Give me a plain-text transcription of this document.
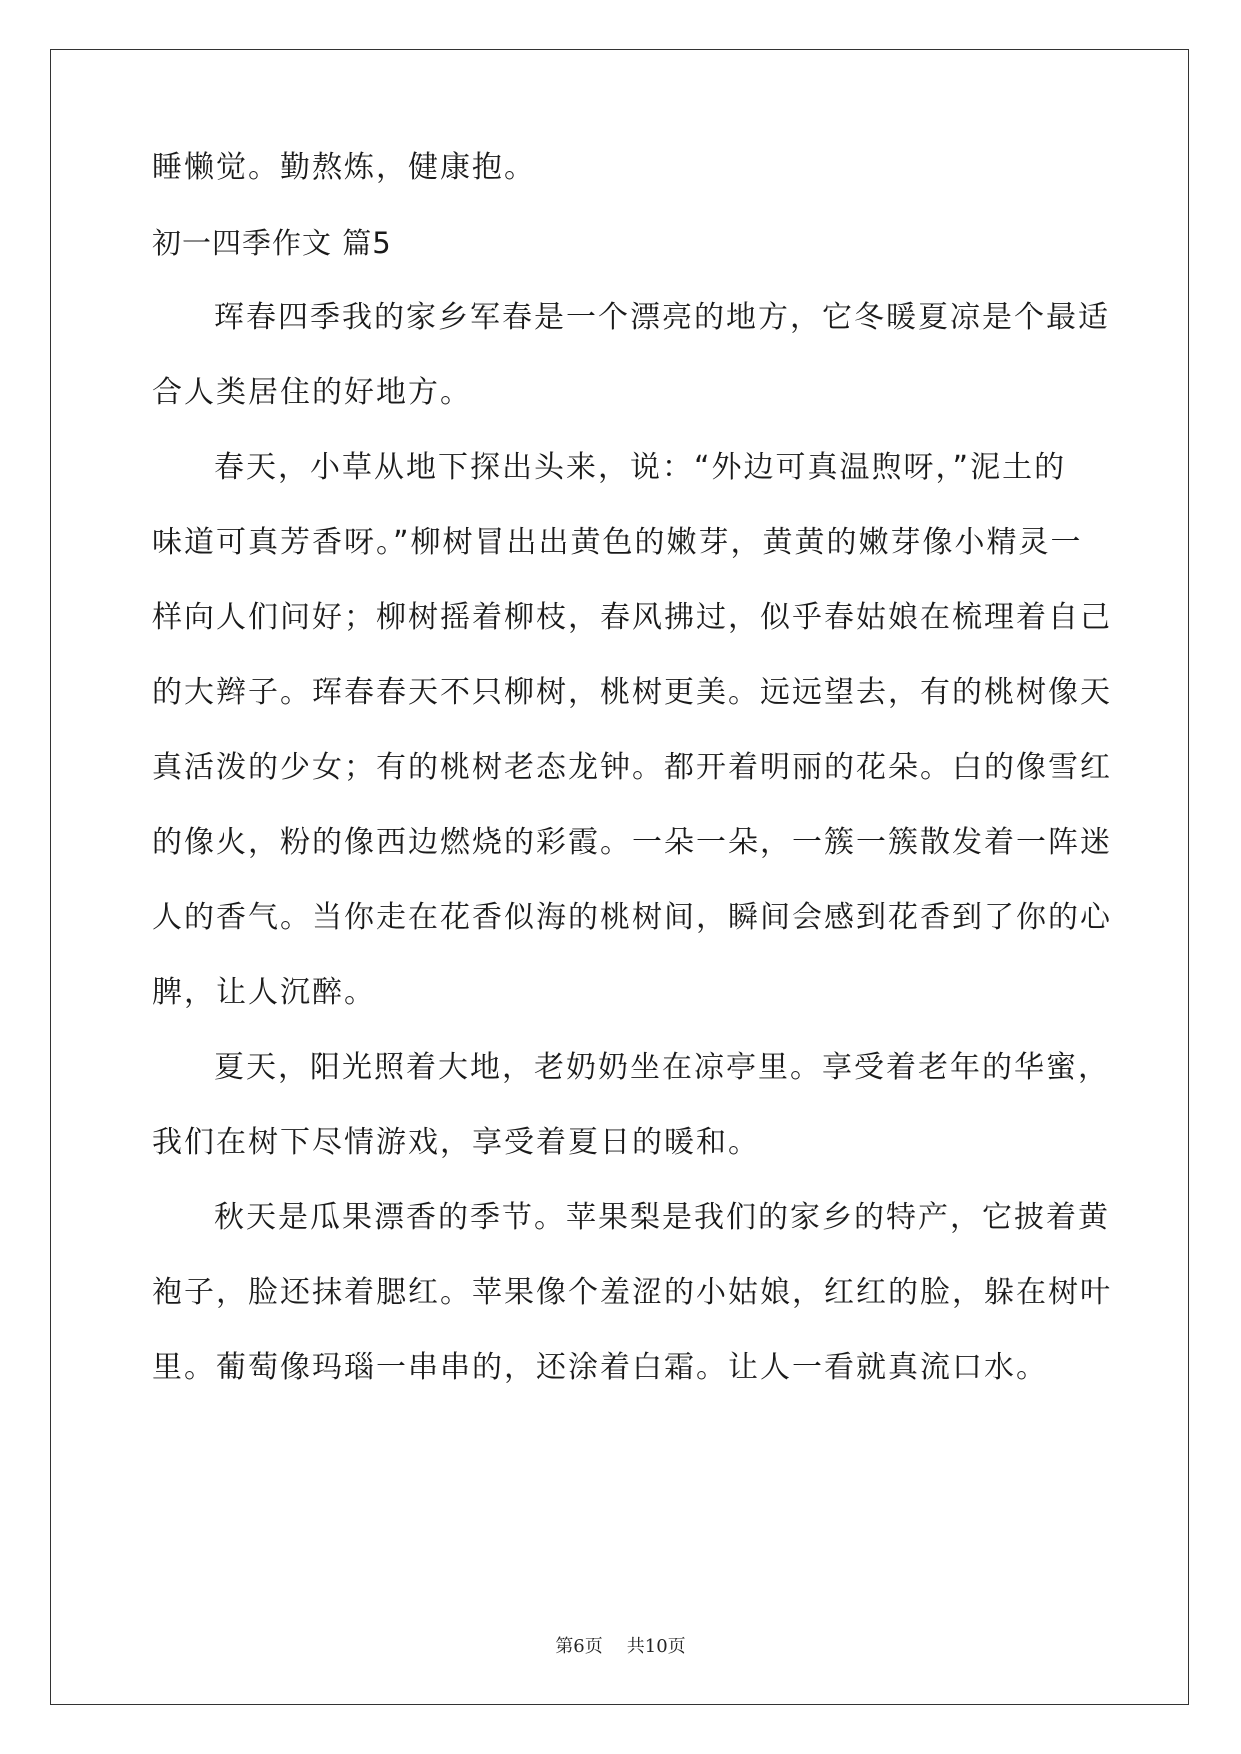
睡懒觉。勤熬炼，健康抱。
初一四季作文 篇5
珲春四季我的家乡军春是一个漂亮的地方，它冬暖夏凉是个最适
合人类居住的好地方。
春天，小草从地下探出头来，说：“外边可真温煦呀，”泥土的
味道可真芳香呀。”柳树冒出出黄色的嫩芽，黄黄的嫩芽像小精灵一
样向人们问好；柳树摇着柳枝，春风拂过，似乎春姑娘在梳理着自己
的大辫子。珲春春天不只柳树，桃树更美。远远望去，有的桃树像天
真活泼的少女；有的桃树老态龙钟。都开着明丽的花朵。白的像雪红
的像火，粉的像西边燃烧的彩霞。一朵一朵，一簇一簇散发着一阵迷
人的香气。当你走在花香似海的桃树间，瞬间会感到花香到了你的心
脾，让人沉醉。
夏天，阳光照着大地，老奶奶坐在凉亭里。享受着老年的华蜜，
我们在树下尽情游戏，享受着夏日的暖和。
秋天是瓜果漂香的季节。苹果梨是我们的家乡的特产，它披着黄
袍子，脸还抹着腮红。苹果像个羞涩的小姑娘，红红的脸，躲在树叶
里。葡萄像玛瑙一串串的，还涂着白霜。让人一看就真流口水。
第6页 共10页
